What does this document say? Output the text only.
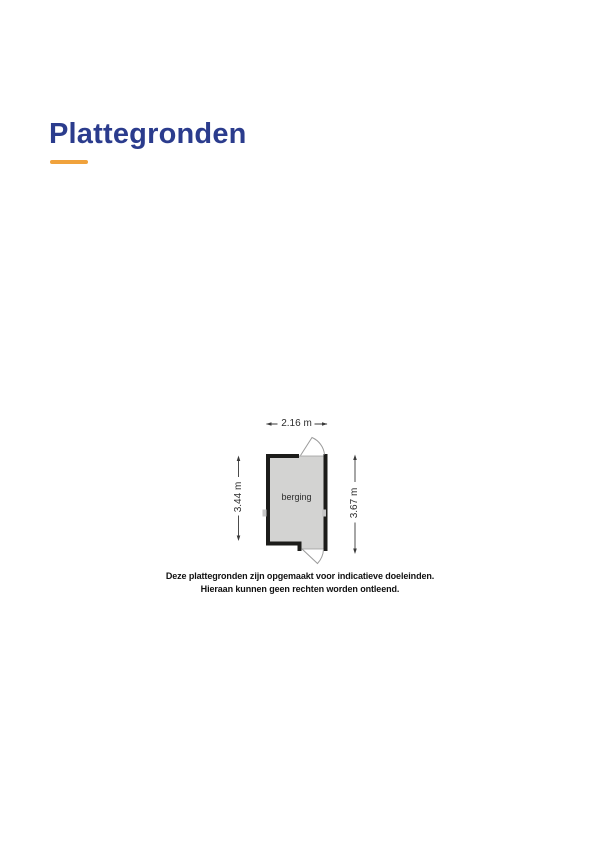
Plattegronden
2.16 m
3.44 m	3.67 m
berging

Deze plattegronden zijn opgemaakt voor indicatieve doeleinden.

Hieraan kunnen geen rechten worden ontleend.
